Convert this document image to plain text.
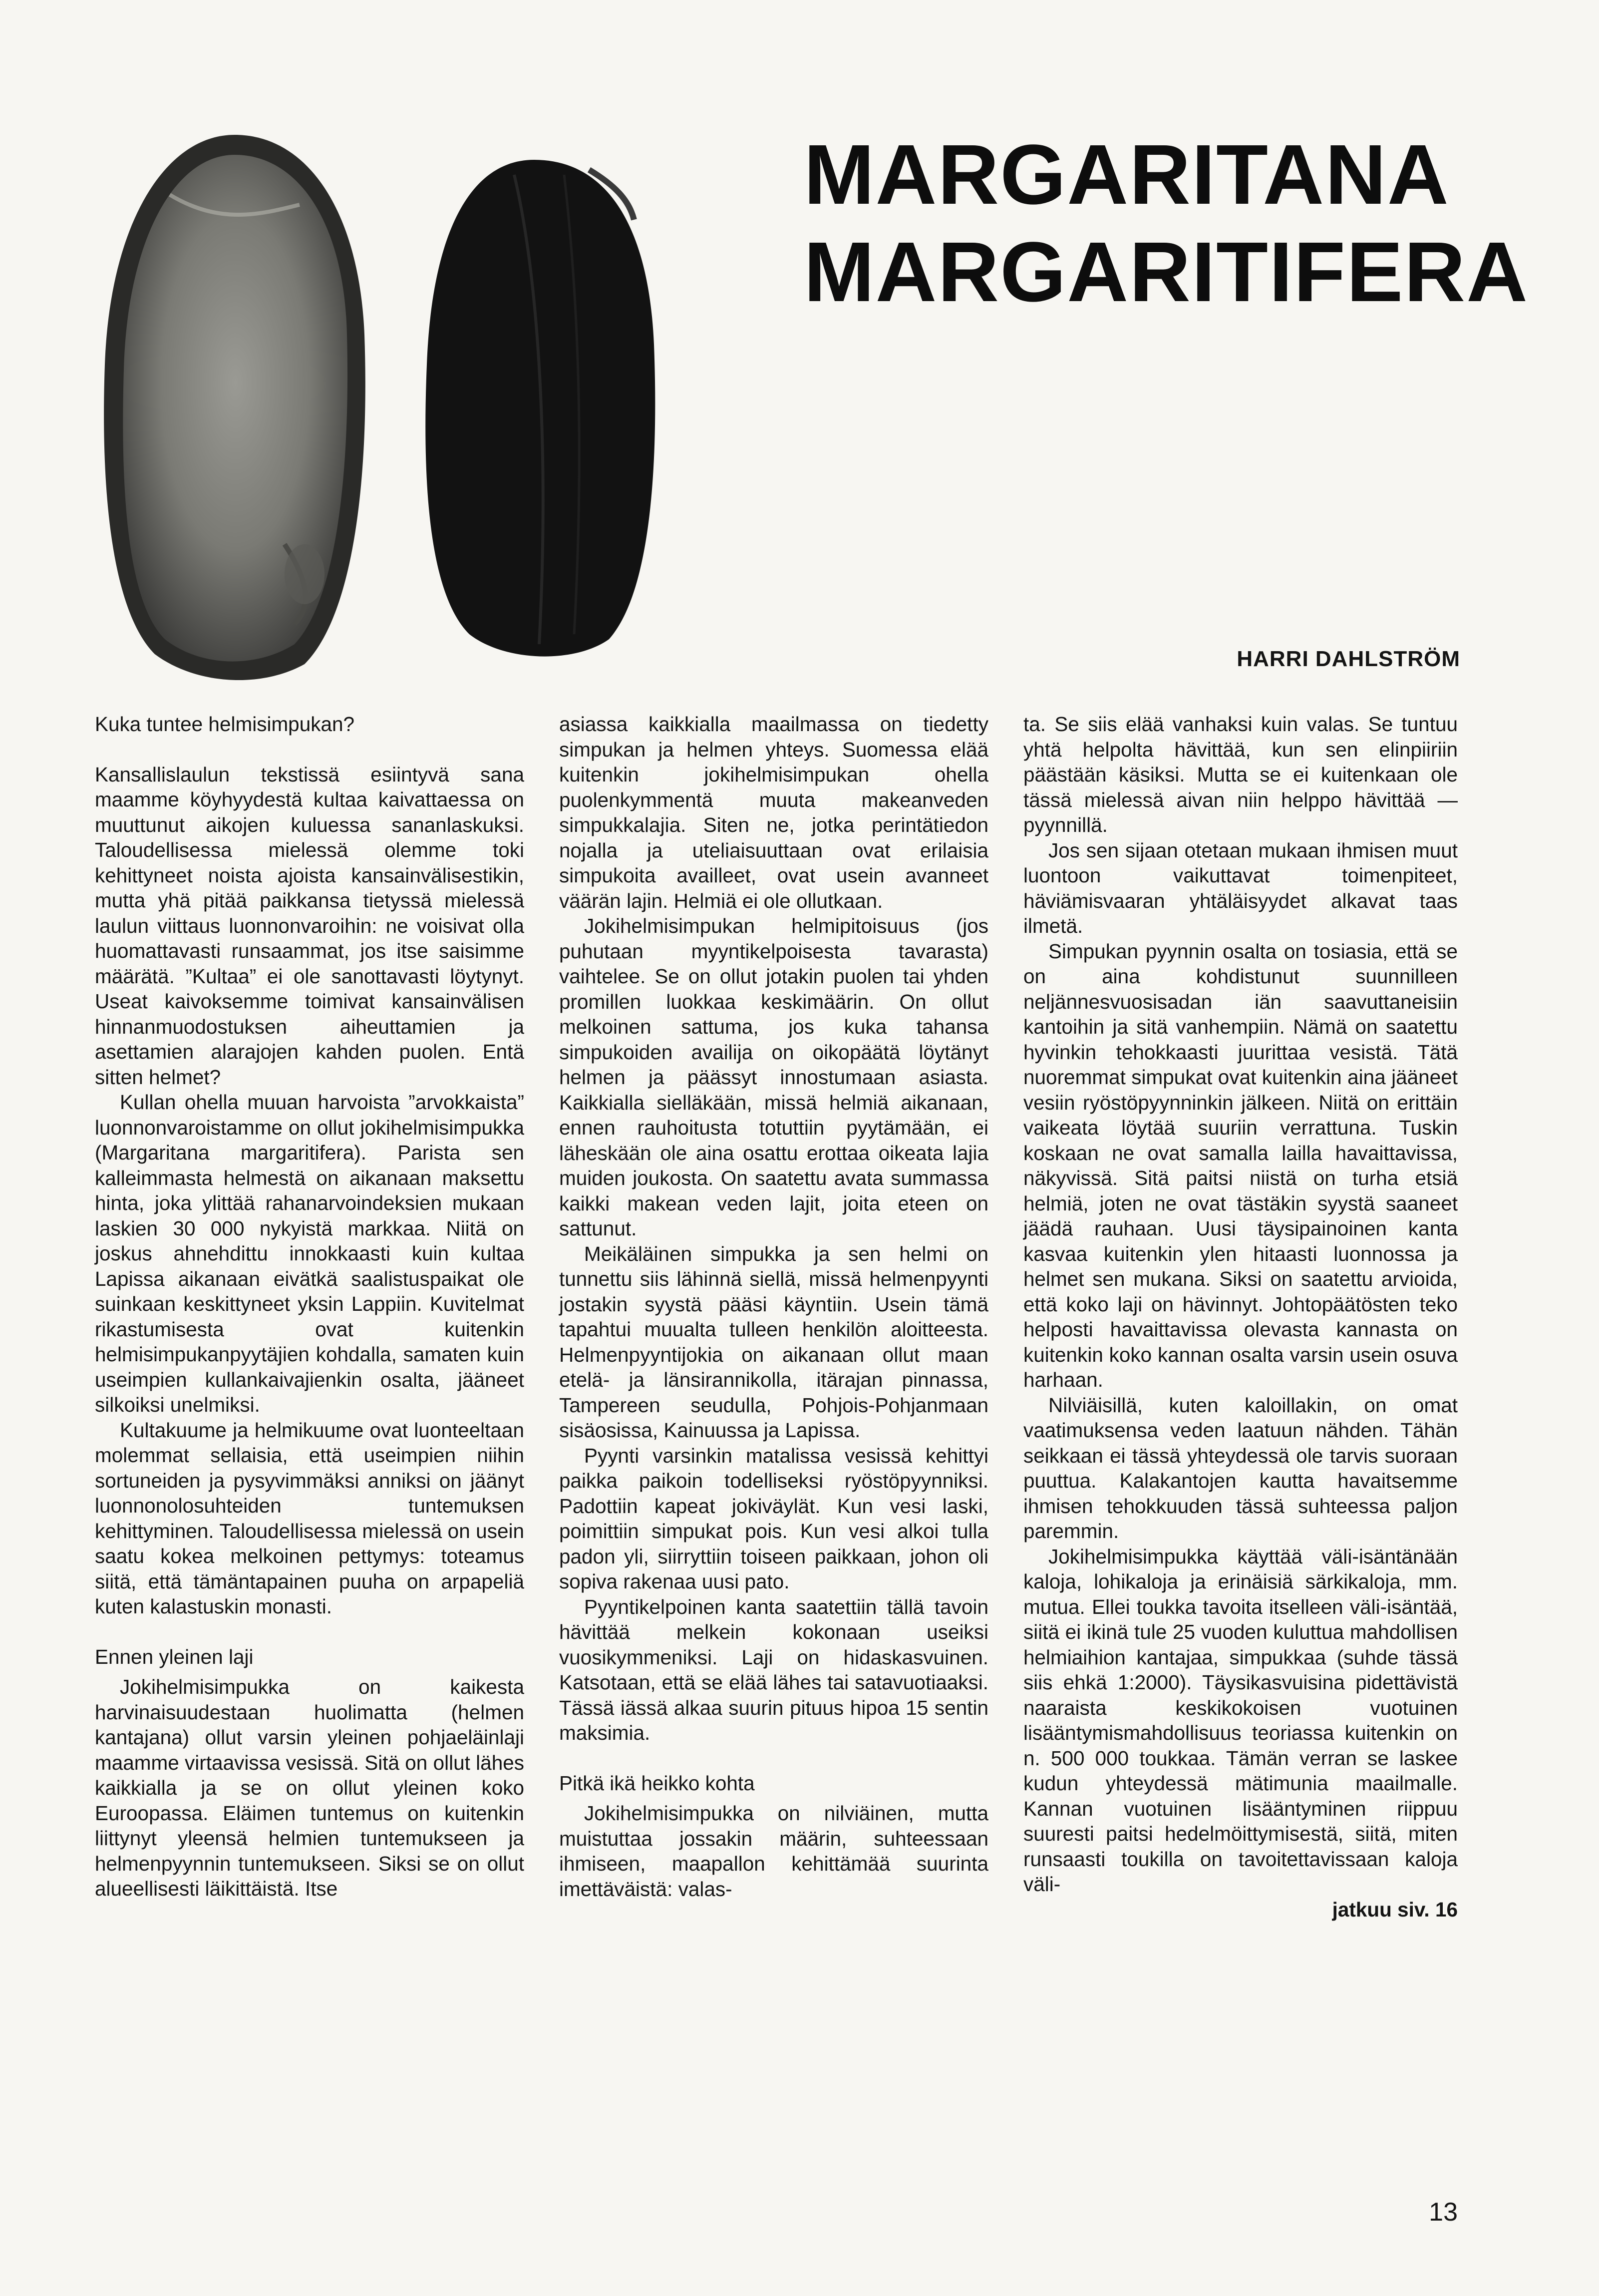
MARGARITANA
MARGARITIFERA
HARRI DAHLSTRÖM

Kuka tuntee helmisimpukan?

Kansallislaulun tekstissä esiintyvä sana maamme köyhyydestä kultaa kaivattaessa on muuttunut aikojen kuluessa sananlaskuksi. Taloudellisessa mielessä olemme toki kehittyneet noista ajoista kansainvälisestikin, mutta yhä pitää paikkansa tietyssä mielessä laulun viittaus luonnonvaroihin: ne voisivat olla huomattavasti runsaammat, jos itse saisimme määrätä. ”Kultaa” ei ole sanottavasti löytynyt. Useat kaivoksemme toimivat kansainvälisen hinnanmuodostuksen aiheuttamien ja asettamien alarajojen kahden puolen. Entä sitten helmet?

Kullan ohella muuan harvoista ”arvokkaista” luonnonvaroistamme on ollut jokihelmisimpukka (Margaritana margaritifera). Parista sen kalleimmasta helmestä on aikanaan maksettu hinta, joka ylittää rahanarvoindeksien mukaan laskien 30 000 nykyistä markkaa. Niitä on joskus ahnehdittu innokkaasti kuin kultaa Lapissa aikanaan eivätkä saalistuspaikat ole suinkaan keskittyneet yksin Lappiin. Kuvitelmat rikastumisesta ovat kuitenkin helmisimpukanpyytäjien kohdalla, samaten kuin useimpien kullankaivajienkin osalta, jääneet silkoiksi unelmiksi.

Kultakuume ja helmikuume ovat luonteeltaan molemmat sellaisia, että useimpien niihin sortuneiden ja pysyvimmäksi anniksi on jäänyt luonnonolosuhteiden tuntemuksen kehittyminen. Taloudellisessa mielessä on usein saatu kokea melkoinen pettymys: toteamus siitä, että tämäntapainen puuha on arpapeliä kuten kalastuskin monasti.

Ennen yleinen laji

Jokihelmisimpukka on kaikesta harvinaisuudestaan huolimatta (helmen kantajana) ollut varsin yleinen pohjaeläinlaji maamme virtaavissa vesissä. Sitä on ollut lähes kaikkialla ja se on ollut yleinen koko Euroopassa. Eläimen tuntemus on kuitenkin liittynyt yleensä helmien tuntemukseen ja helmenpyynnin tuntemukseen. Siksi se on ollut alueellisesti läikittäistä. Itse

asiassa kaikkialla maailmassa on tiedetty simpukan ja helmen yhteys. Suomessa elää kuitenkin jokihelmisimpukan ohella puolenkymmentä muuta makeanveden simpukkalajia. Siten ne, jotka perintätiedon nojalla ja uteliaisuuttaan ovat erilaisia simpukoita availleet, ovat usein avanneet väärän lajin. Helmiä ei ole ollutkaan.

Jokihelmisimpukan helmipitoisuus (jos puhutaan myyntikelpoisesta tavarasta) vaihtelee. Se on ollut jotakin puolen tai yhden promillen luokkaa keskimäärin. On ollut melkoinen sattuma, jos kuka tahansa simpukoiden availija on oikopäätä löytänyt helmen ja päässyt innostumaan asiasta. Kaikkialla sielläkään, missä helmiä aikanaan, ennen rauhoitusta totuttiin pyytämään, ei läheskään ole aina osattu erottaa oikeata lajia muiden joukosta. On saatettu avata summassa kaikki makean veden lajit, joita eteen on sattunut.

Meikäläinen simpukka ja sen helmi on tunnettu siis lähinnä siellä, missä helmenpyynti jostakin syystä pääsi käyntiin. Usein tämä tapahtui muualta tulleen henkilön aloitteesta. Helmenpyyntijokia on aikanaan ollut maan etelä- ja länsirannikolla, itärajan pinnassa, Tampereen seudulla, Pohjois-Pohjanmaan sisäosissa, Kainuussa ja Lapissa.

Pyynti varsinkin matalissa vesissä kehittyi paikka paikoin todelliseksi ryöstöpyynniksi. Padottiin kapeat jokiväylät. Kun vesi laski, poimittiin simpukat pois. Kun vesi alkoi tulla padon yli, siirryttiin toiseen paikkaan, johon oli sopiva rakenaa uusi pato.

Pyyntikelpoinen kanta saatettiin tällä tavoin hävittää melkein kokonaan useiksi vuosikymmeniksi. Laji on hidaskasvuinen. Katsotaan, että se elää lähes tai satavuotiaaksi. Tässä iässä alkaa suurin pituus hipoa 15 sentin maksimia.

Pitkä ikä heikko kohta

Jokihelmisimpukka on nilviäinen, mutta muistuttaa jossakin määrin, suhteessaan ihmiseen, maapallon kehittämää suurinta imettäväistä: valas-

ta. Se siis elää vanhaksi kuin valas. Se tuntuu yhtä helpolta hävittää, kun sen elinpiiriin päästään käsiksi. Mutta se ei kuitenkaan ole tässä mielessä aivan niin helppo hävittää — pyynnillä.

Jos sen sijaan otetaan mukaan ihmisen muut luontoon vaikuttavat toimenpiteet, häviämisvaaran yhtäläisyydet alkavat taas ilmetä.

Simpukan pyynnin osalta on tosiasia, että se on aina kohdistunut suunnilleen neljännesvuosisadan iän saavuttaneisiin kantoihin ja sitä vanhempiin. Nämä on saatettu hyvinkin tehokkaasti juurittaa vesistä. Tätä nuoremmat simpukat ovat kuitenkin aina jääneet vesiin ryöstöpyynninkin jälkeen. Niitä on erittäin vaikeata löytää suuriin verrattuna. Tuskin koskaan ne ovat samalla lailla havaittavissa, näkyvissä. Sitä paitsi niistä on turha etsiä helmiä, joten ne ovat tästäkin syystä saaneet jäädä rauhaan. Uusi täysipainoinen kanta kasvaa kuitenkin ylen hitaasti luonnossa ja helmet sen mukana. Siksi on saatettu arvioida, että koko laji on hävinnyt. Johtopäätösten teko helposti havaittavissa olevasta kannasta on kuitenkin koko kannan osalta varsin usein osuva harhaan.

Nilviäisillä, kuten kaloillakin, on omat vaatimuksensa veden laatuun nähden. Tähän seikkaan ei tässä yhteydessä ole tarvis suoraan puuttua. Kalakantojen kautta havaitsemme ihmisen tehokkuuden tässä suhteessa paljon paremmin.

Jokihelmisimpukka käyttää väli-isäntänään kaloja, lohikaloja ja erinäisiä särkikaloja, mm. mutua. Ellei toukka tavoita itselleen väli-isäntää, siitä ei ikinä tule 25 vuoden kuluttua mahdollisen helmiaihion kantajaa, simpukkaa (suhde tässä siis ehkä 1:2000). Täysikasvuisina pidettävistä naaraista keskikokoisen vuotuinen lisääntymismahdollisuus teoriassa kuitenkin on n. 500 000 toukkaa. Tämän verran se laskee kudun yhteydessä mätimunia maailmalle. Kannan vuotuinen lisääntyminen riippuu suuresti paitsi hedelmöittymisestä, siitä, miten runsaasti toukilla on tavoitettavissaan kaloja väli-

jatkuu siv. 16

13
